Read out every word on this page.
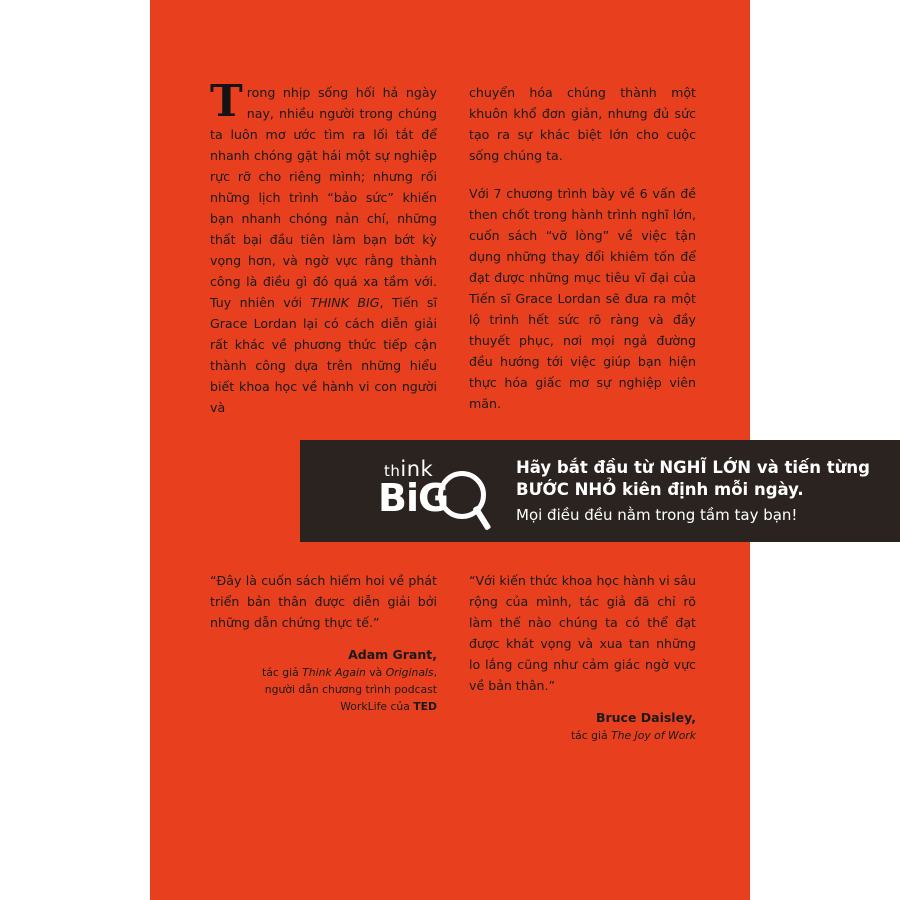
Trong nhịp sống hối hả ngày nay, nhiều người trong chúng ta luôn mơ ước tìm ra lối tắt để nhanh chóng gặt hái một sự nghiệp rực rỡ cho riêng mình; nhưng rối những lịch trình “bảo sức” khiến bạn nhanh chóng nản chí, những thất bại đầu tiên làm bạn bớt kỳ vọng hơn, và ngờ vực rằng thành công là điều gì đó quá xa tầm với. Tuy nhiên với THINK BIG, Tiến sĩ Grace Lordan lại có cách diễn giải rất khác về phương thức tiếp cận thành công dựa trên những hiểu biết khoa học về hành vi con người và

chuyển hóa chúng thành một khuôn khổ đơn giản, nhưng đủ sức tạo ra sự khác biệt lớn cho cuộc sống chúng ta.

Với 7 chương trình bày về 6 vấn đề then chốt trong hành trình nghĩ lớn, cuốn sách “vỡ lòng” về việc tận dụng những thay đổi khiêm tốn để đạt được những mục tiêu vĩ đại của Tiến sĩ Grace Lordan sẽ đưa ra một lộ trình hết sức rõ ràng và đầy thuyết phục, nơi mọi ngả đường đều hướng tới việc giúp bạn hiện thực hóa giấc mơ sự nghiệp viên mãn.

think
BiG
Hãy bắt đầu từ NGHĨ LỚN và tiến từng
BƯỚC NHỎ kiên định mỗi ngày.
Mọi điều đều nằm trong tầm tay bạn!
“Đây là cuốn sách hiếm hoi về phát triển bản thân được diễn giải bởi những dẫn chứng thực tế.”
Adam Grant,
tác giả Think Again và Originals,
người dẫn chương trình podcast
WorkLife của TED
“Với kiến thức khoa học hành vi sâu rộng của mình, tác giả đã chỉ rõ làm thế nào chúng ta có thể đạt được khát vọng và xua tan những lo lắng cũng như cảm giác ngờ vực về bản thân.”
Bruce Daisley,
tác giả The Joy of Work
